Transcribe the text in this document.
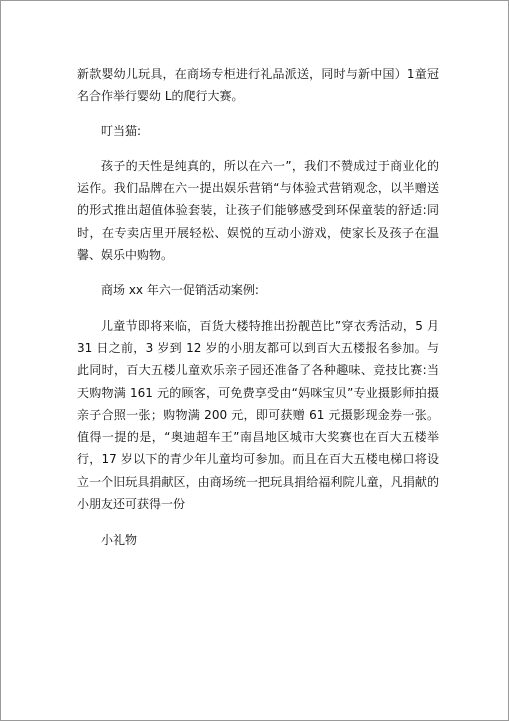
新款婴幼儿玩具，在商场专柜进行礼品派送，同时与新中国）1童冠名合作举行婴幼 L的爬行大赛。

叮当猫:

孩子的天性是纯真的，所以在六一”，我们不赞成过于商业化的运作。我们品牌在六一提出娱乐营销“与体验式营销观念，以半赠送的形式推出超值体验套装，让孩子们能够感受到环保童装的舒适:同时，在专卖店里开展轻松、娱悦的互动小游戏，使家长及孩子在温馨、娱乐中购物。

商场 xx 年六一促销活动案例:

儿童节即将来临，百货大楼特推出扮靓芭比”穿衣秀活动，5 月 31 日之前，3 岁到 12 岁的小朋友都可以到百大五楼报名参加。与此同时，百大五楼儿童欢乐亲子园还准备了各种趣味、竞技比赛:当天购物满 161 元的顾客，可免费享受由“妈咪宝贝”专业摄影师拍摄亲子合照一张；购物满 200 元，即可获赠 61 元摄影现金券一张。值得一提的是，“奥迪超车王”南昌地区城市大奖赛也在百大五楼举行，17 岁以下的青少年儿童均可参加。而且在百大五楼电梯口将设立一个旧玩具捐献区，由商场统一把玩具捐给福利院儿童，凡捐献的小朋友还可获得一份

小礼物
